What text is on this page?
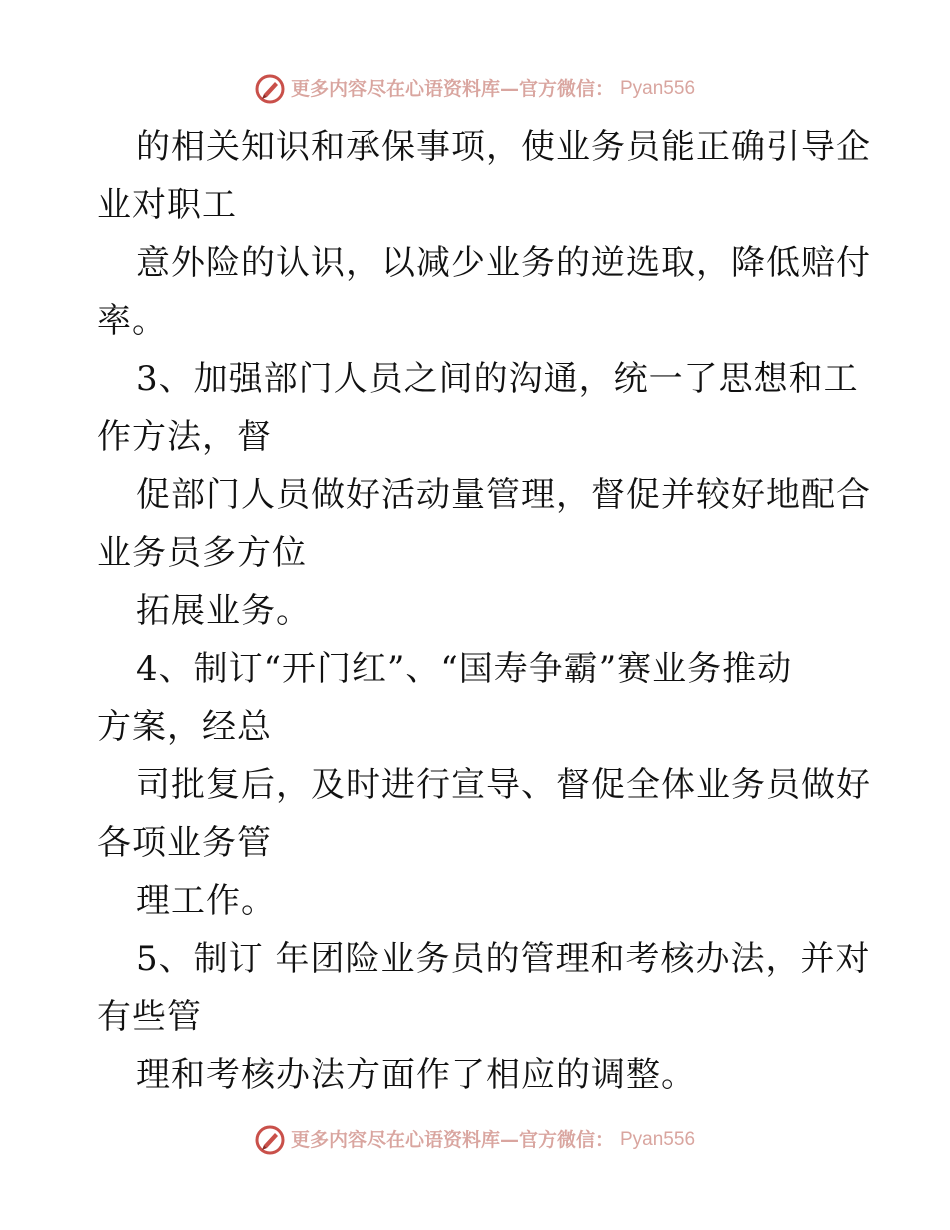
更多内容尽在心语资料库—官方微信： Pyan556
的相关知识和承保事项，使业务员能正确引导企
业对职工
意外险的认识，以减少业务的逆选取，降低赔付
率。
3、加强部门人员之间的沟通，统一了思想和工
作方法，督
促部门人员做好活动量管理，督促并较好地配合
业务员多方位
拓展业务。
4、制订“开门红”、“国寿争霸”赛业务推动
方案，经总
司批复后，及时进行宣导、督促全体业务员做好
各项业务管
理工作。
5、制订 年团险业务员的管理和考核办法，并对
有些管
理和考核办法方面作了相应的调整。
更多内容尽在心语资料库—官方微信： Pyan556
